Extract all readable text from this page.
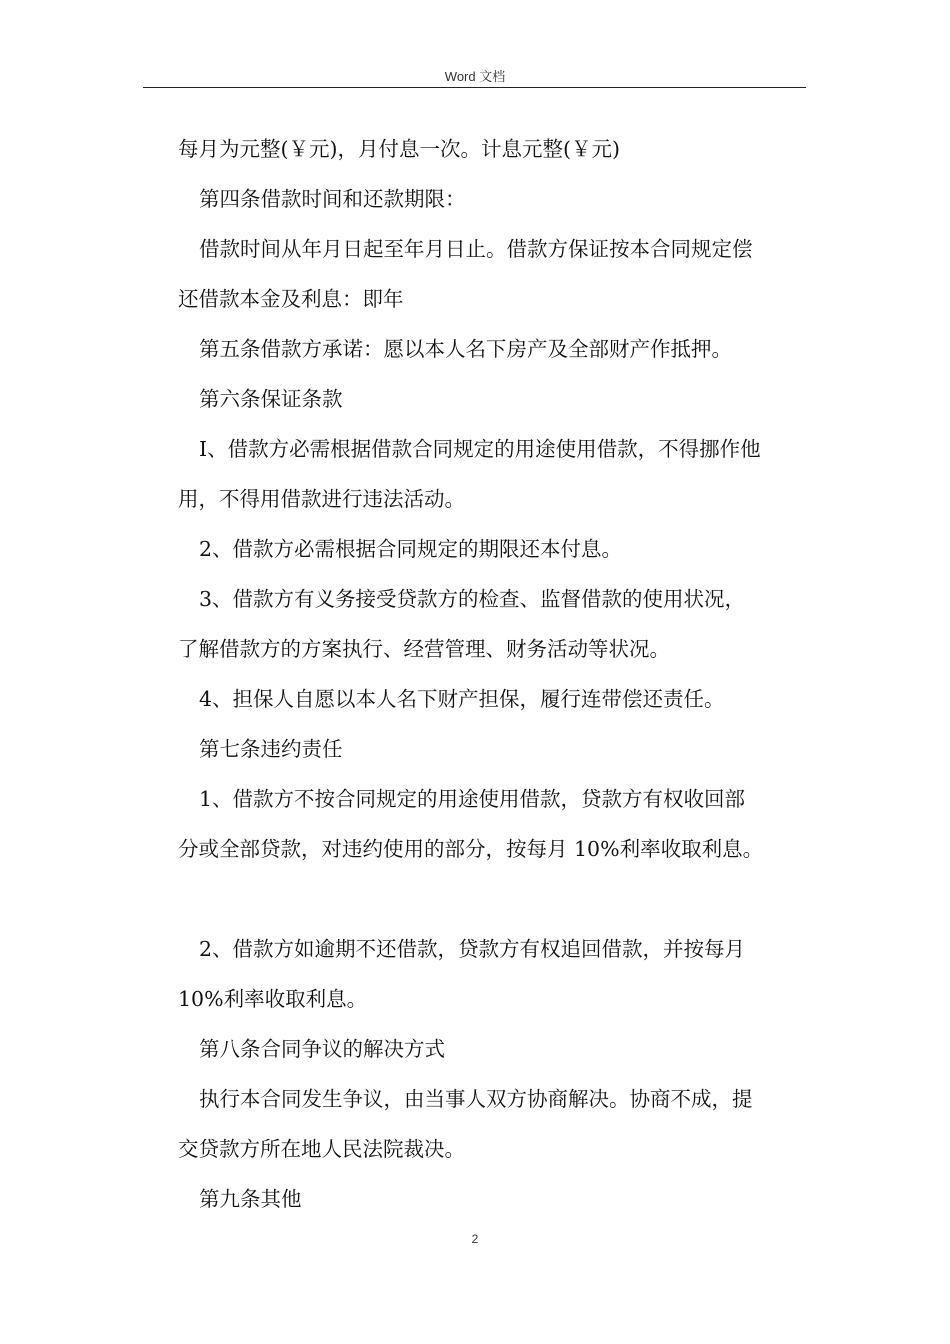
Word 文档
每月为元整(￥元)，月付息一次。计息元整(￥元)
第四条借款时间和还款期限：
借款时间从年月日起至年月日止。借款方保证按本合同规定偿
还借款本金及利息：即年
第五条借款方承诺：愿以本人名下房产及全部财产作抵押。
第六条保证条款
I、借款方必需根据借款合同规定的用途使用借款，不得挪作他
用，不得用借款进行违法活动。
2、借款方必需根据合同规定的期限还本付息。
3、借款方有义务接受贷款方的检查、监督借款的使用状况，
了解借款方的方案执行、经营管理、财务活动等状况。
4、担保人自愿以本人名下财产担保，履行连带偿还责任。
第七条违约责任
1、借款方不按合同规定的用途使用借款，贷款方有权收回部
分或全部贷款，对违约使用的部分，按每月 10%利率收取利息。
2、借款方如逾期不还借款，贷款方有权追回借款，并按每月
10%利率收取利息。
第八条合同争议的解决方式
执行本合同发生争议，由当事人双方协商解决。协商不成，提
交贷款方所在地人民法院裁决。
第九条其他
2
